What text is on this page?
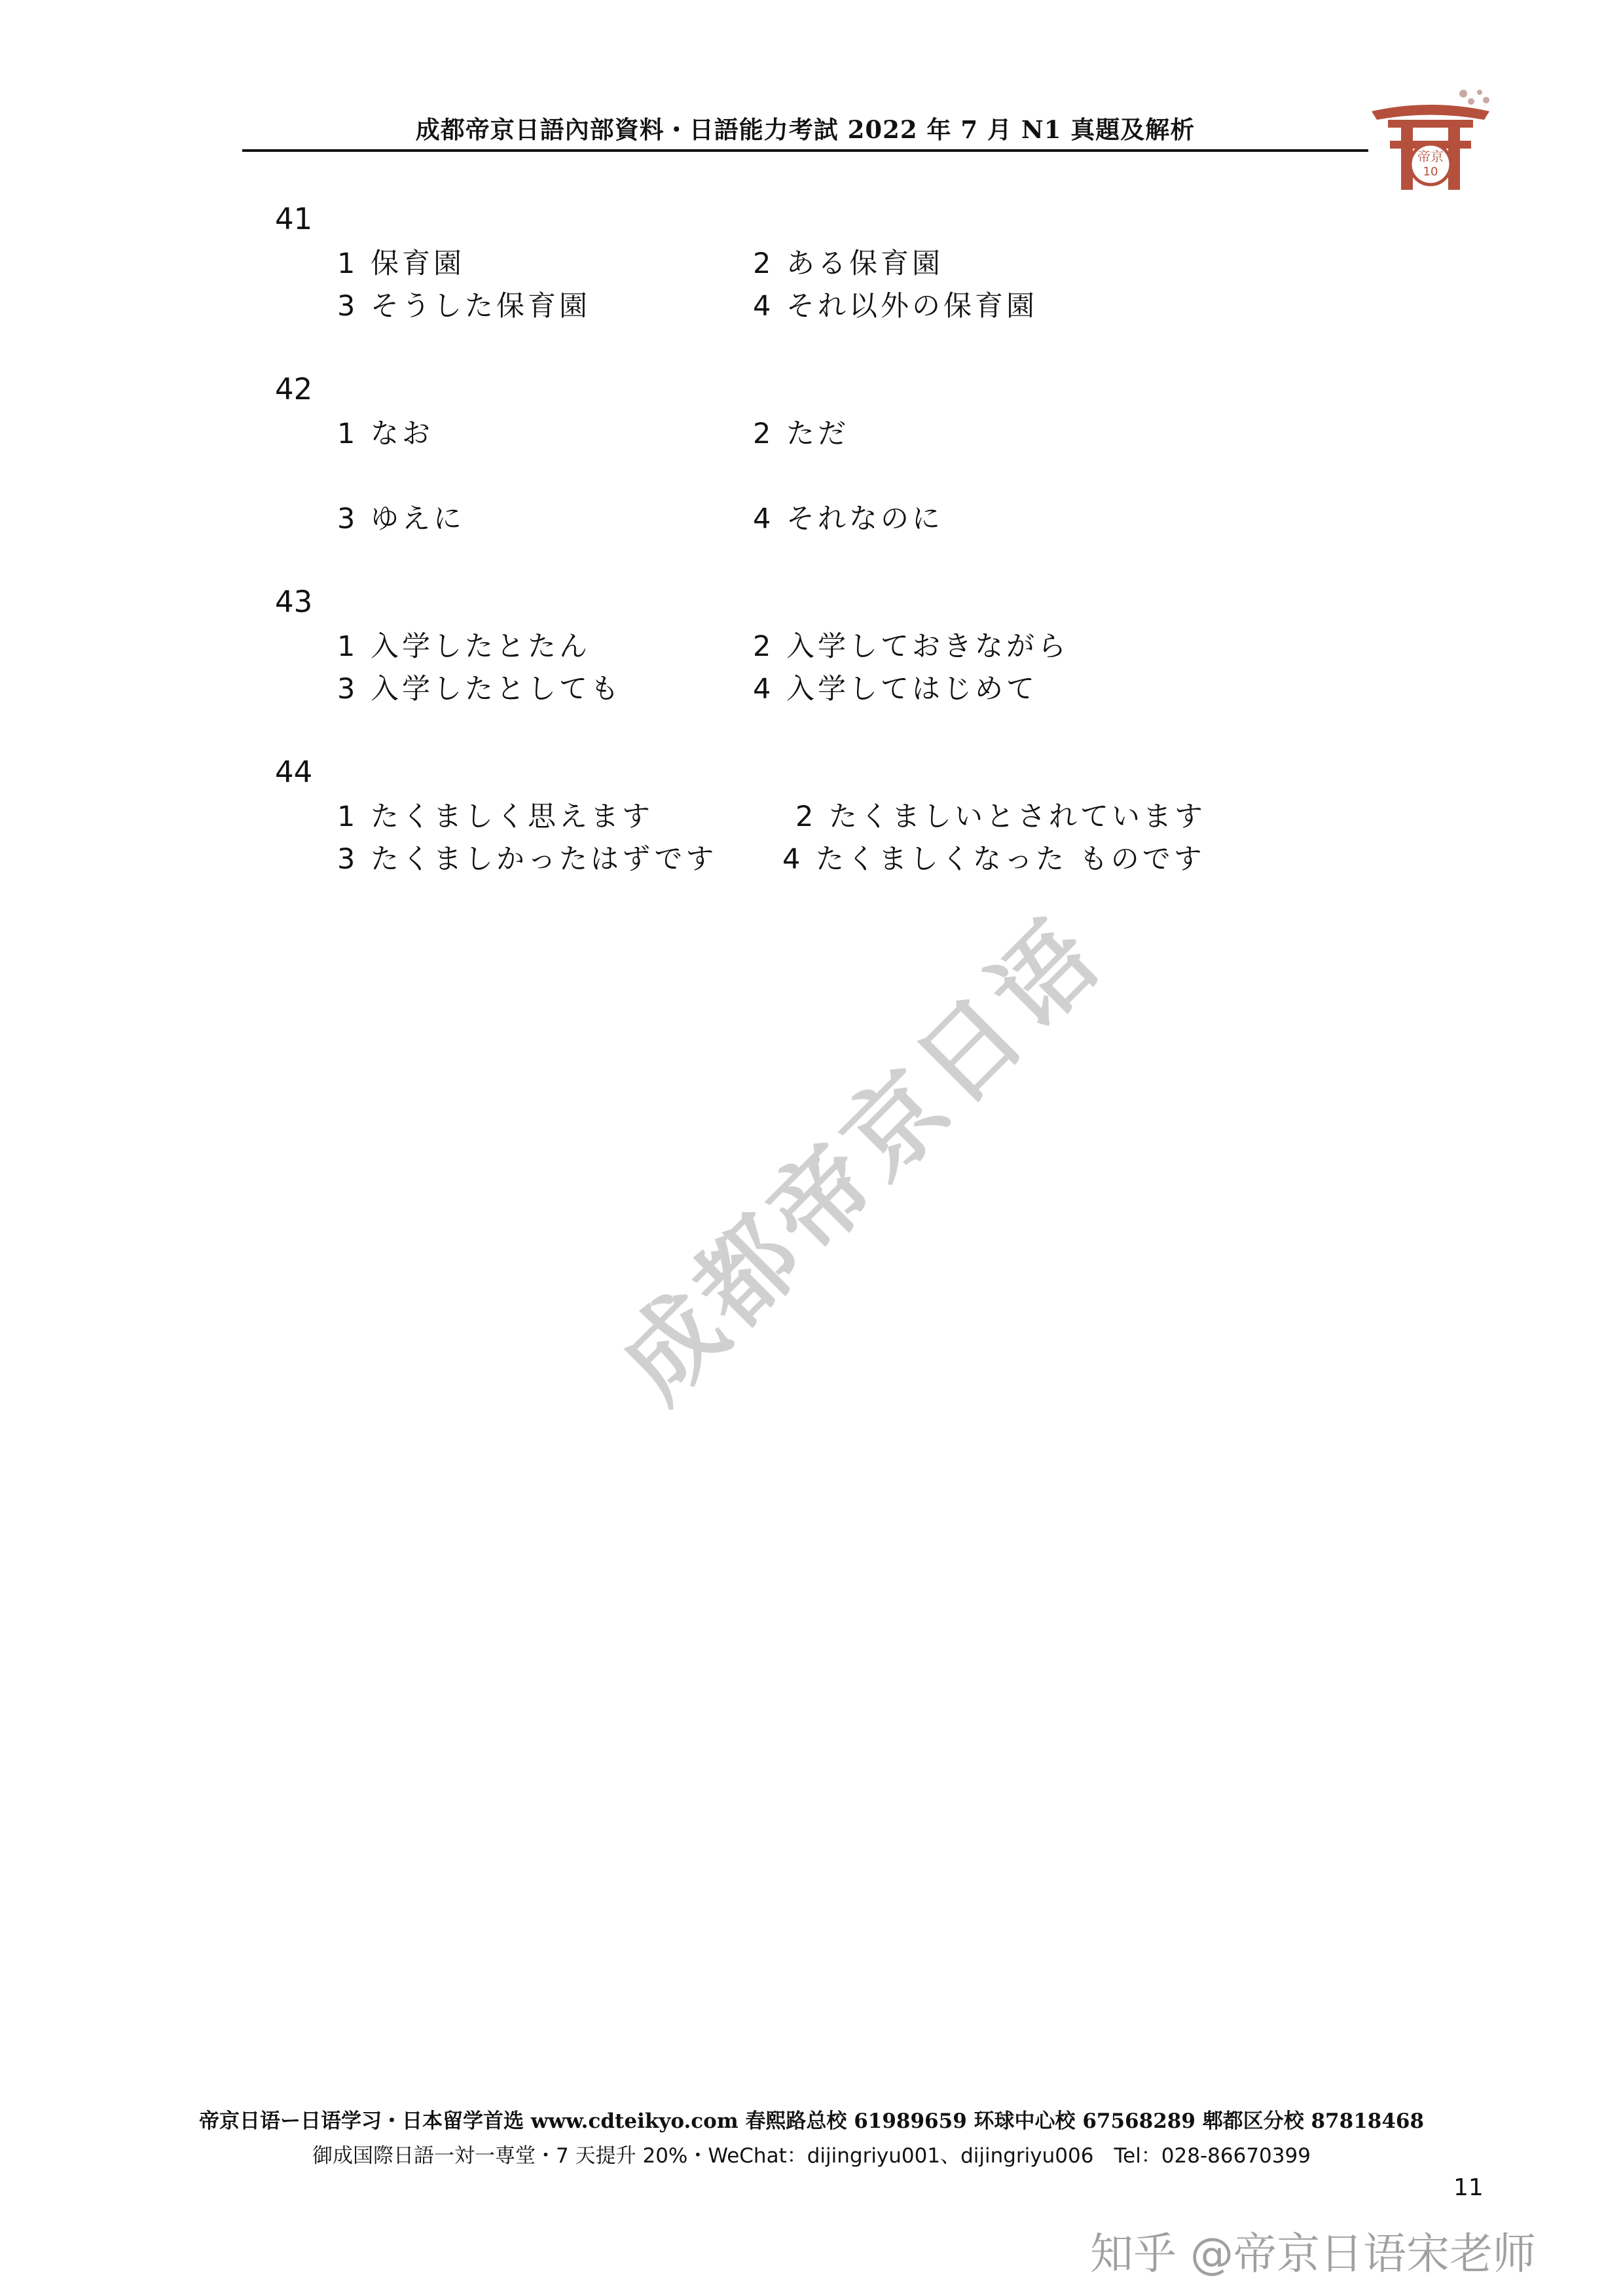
成都帝京日語內部資料・日語能力考試 2022 年 7 月 N1 真題及解析
帝京
10
41
1 保育園	2 ある保育園
3 そうした保育園	4 それ以外の保育園
42
1 なお	2 ただ
3 ゆえに	4 それなのに
43
1 入学したとたん	2 入学しておきながら
3 入学したとしても	4 入学してはじめて
44
1 たくましく思えます	2 たくましいとされています
3 たくましかったはずです 4 たくましくなった ものです
成都帝京日语
帝京日语ー日语学习・日本留学首选 www.cdteikyo.com 春熙路总校 61989659 环球中心校 67568289 郫都区分校 87818468
御成国際日語一対一専堂・7 天提升 20%・WeChat：dijingriyu001、dijingriyu006　Tel：028-86670399
11
知乎 @帝京日语宋老师
